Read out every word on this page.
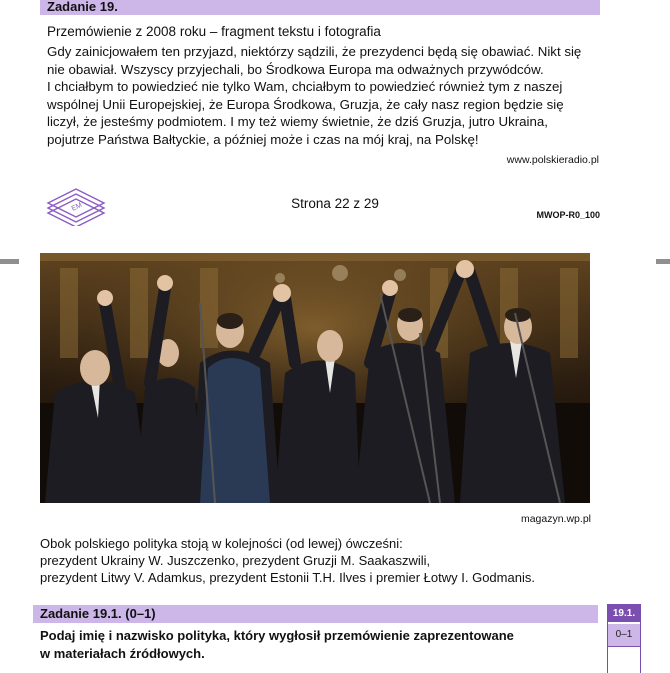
Zadanie 19.
Przemówienie z 2008 roku – fragment tekstu i fotografia

Gdy zainicjowałem ten przyjazd, niektórzy sądzili, że prezydenci będą się obawiać. Nikt się

nie obawiał. Wszyscy przyjechali, bo Środkowa Europa ma odważnych przywódców.

I chciałbym to powiedzieć nie tylko Wam, chciałbym to powiedzieć również tym z naszej

wspólnej Unii Europejskiej, że Europa Środkowa, Gruzja, że cały nasz region będzie się

liczył, że jesteśmy podmiotem. I my też wiemy świetnie, że dziś Gruzja, jutro Ukraina,

pojutrze Państwa Bałtyckie, a później może i czas na mój kraj, na Polskę!

www.polskieradio.pl
EM	Strona 22 z 29
MWOP-R0_100
magazyn.wp.pl
Obok polskiego polityka stoją w kolejności (od lewej) ówcześni:
prezydent Ukrainy W. Juszczenko, prezydent Gruzji M. Saakaszwili,
prezydent Litwy V. Adamkus, prezydent Estonii T.H. Ilves i premier Łotwy I. Godmanis.
Zadanie 19.1. (0–1)
Podaj imię i nazwisko polityka, który wygłosił przemówienie zaprezentowane
w materiałach źródłowych.
19.1.
0–1
